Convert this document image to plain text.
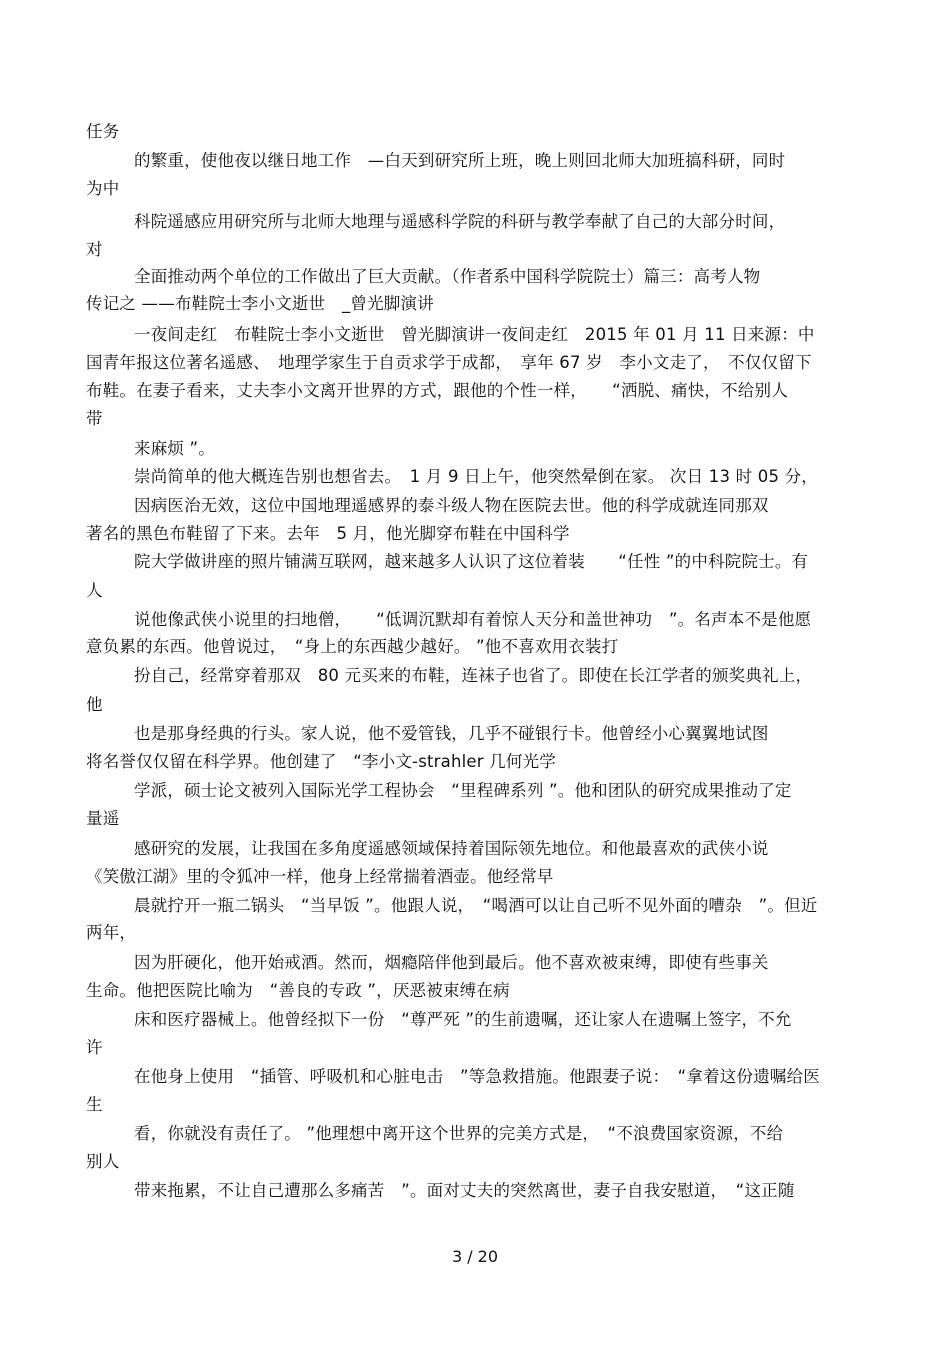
任务
的繁重，使他夜以继日地工作　—白天到研究所上班，晚上则回北师大加班搞科研，同时
为中
科院遥感应用研究所与北师大地理与遥感科学院的科研与教学奉献了自己的大部分时间，
对
全面推动两个单位的工作做出了巨大贡献。（作者系中国科学院院士）篇三：高考人物
传记之 ——布鞋院士李小文逝世　_曾光脚演讲
一夜间走红　布鞋院士李小文逝世　曾光脚演讲一夜间走红　2015 年 01 月 11 日来源：中
国青年报这位著名遥感、　地理学家生于自贡求学于成都，　享年 67 岁　李小文走了，　不仅仅留下
布鞋。在妻子看来，丈夫李小文离开世界的方式，跟他的个性一样，　　“洒脱、痛快，不给别人
带
来麻烦 ”。
崇尚简单的他大概连告别也想省去。　1 月 9 日上午，他突然晕倒在家。 次日 13 时 05 分，
因病医治无效，这位中国地理遥感界的泰斗级人物在医院去世。他的科学成就连同那双
著名的黑色布鞋留了下来。去年　5 月，他光脚穿布鞋在中国科学
院大学做讲座的照片铺满互联网，越来越多人认识了这位着装　　“任性 ”的中科院院士。有
人
说他像武侠小说里的扫地僧，　　“低调沉默却有着惊人天分和盖世神功　”。名声本不是他愿
意负累的东西。他曾说过，　“身上的东西越少越好。 ”他不喜欢用衣装打
扮自己，经常穿着那双　80 元买来的布鞋，连袜子也省了。即使在长江学者的颁奖典礼上，
他
也是那身经典的行头。家人说，他不爱管钱，几乎不碰银行卡。他曾经小心翼翼地试图
将名誉仅仅留在科学界。他创建了　“李小文-strahler 几何光学
学派，硕士论文被列入国际光学工程协会　“里程碑系列 ”。他和团队的研究成果推动了定
量遥
感研究的发展，让我国在多角度遥感领域保持着国际领先地位。和他最喜欢的武侠小说
《笑傲江湖》里的令狐冲一样，他身上经常揣着酒壶。他经常早
晨就拧开一瓶二锅头　“当早饭 ”。他跟人说，　“喝酒可以让自己听不见外面的嘈杂　”。但近
两年，
因为肝硬化，他开始戒酒。然而，烟瘾陪伴他到最后。他不喜欢被束缚，即使有些事关
生命。他把医院比喻为　“善良的专政 ”，厌恶被束缚在病
床和医疗器械上。他曾经拟下一份　“尊严死 ”的生前遗嘱，还让家人在遗嘱上签字，不允
许
在他身上使用　“插管、呼吸机和心脏电击　”等急救措施。他跟妻子说：　“拿着这份遗嘱给医
生
看，你就没有责任了。 ”他理想中离开这个世界的完美方式是，　“不浪费国家资源，不给
别人
带来拖累，不让自己遭那么多痛苦　”。面对丈夫的突然离世，妻子自我安慰道，　“这正随
3 / 20
